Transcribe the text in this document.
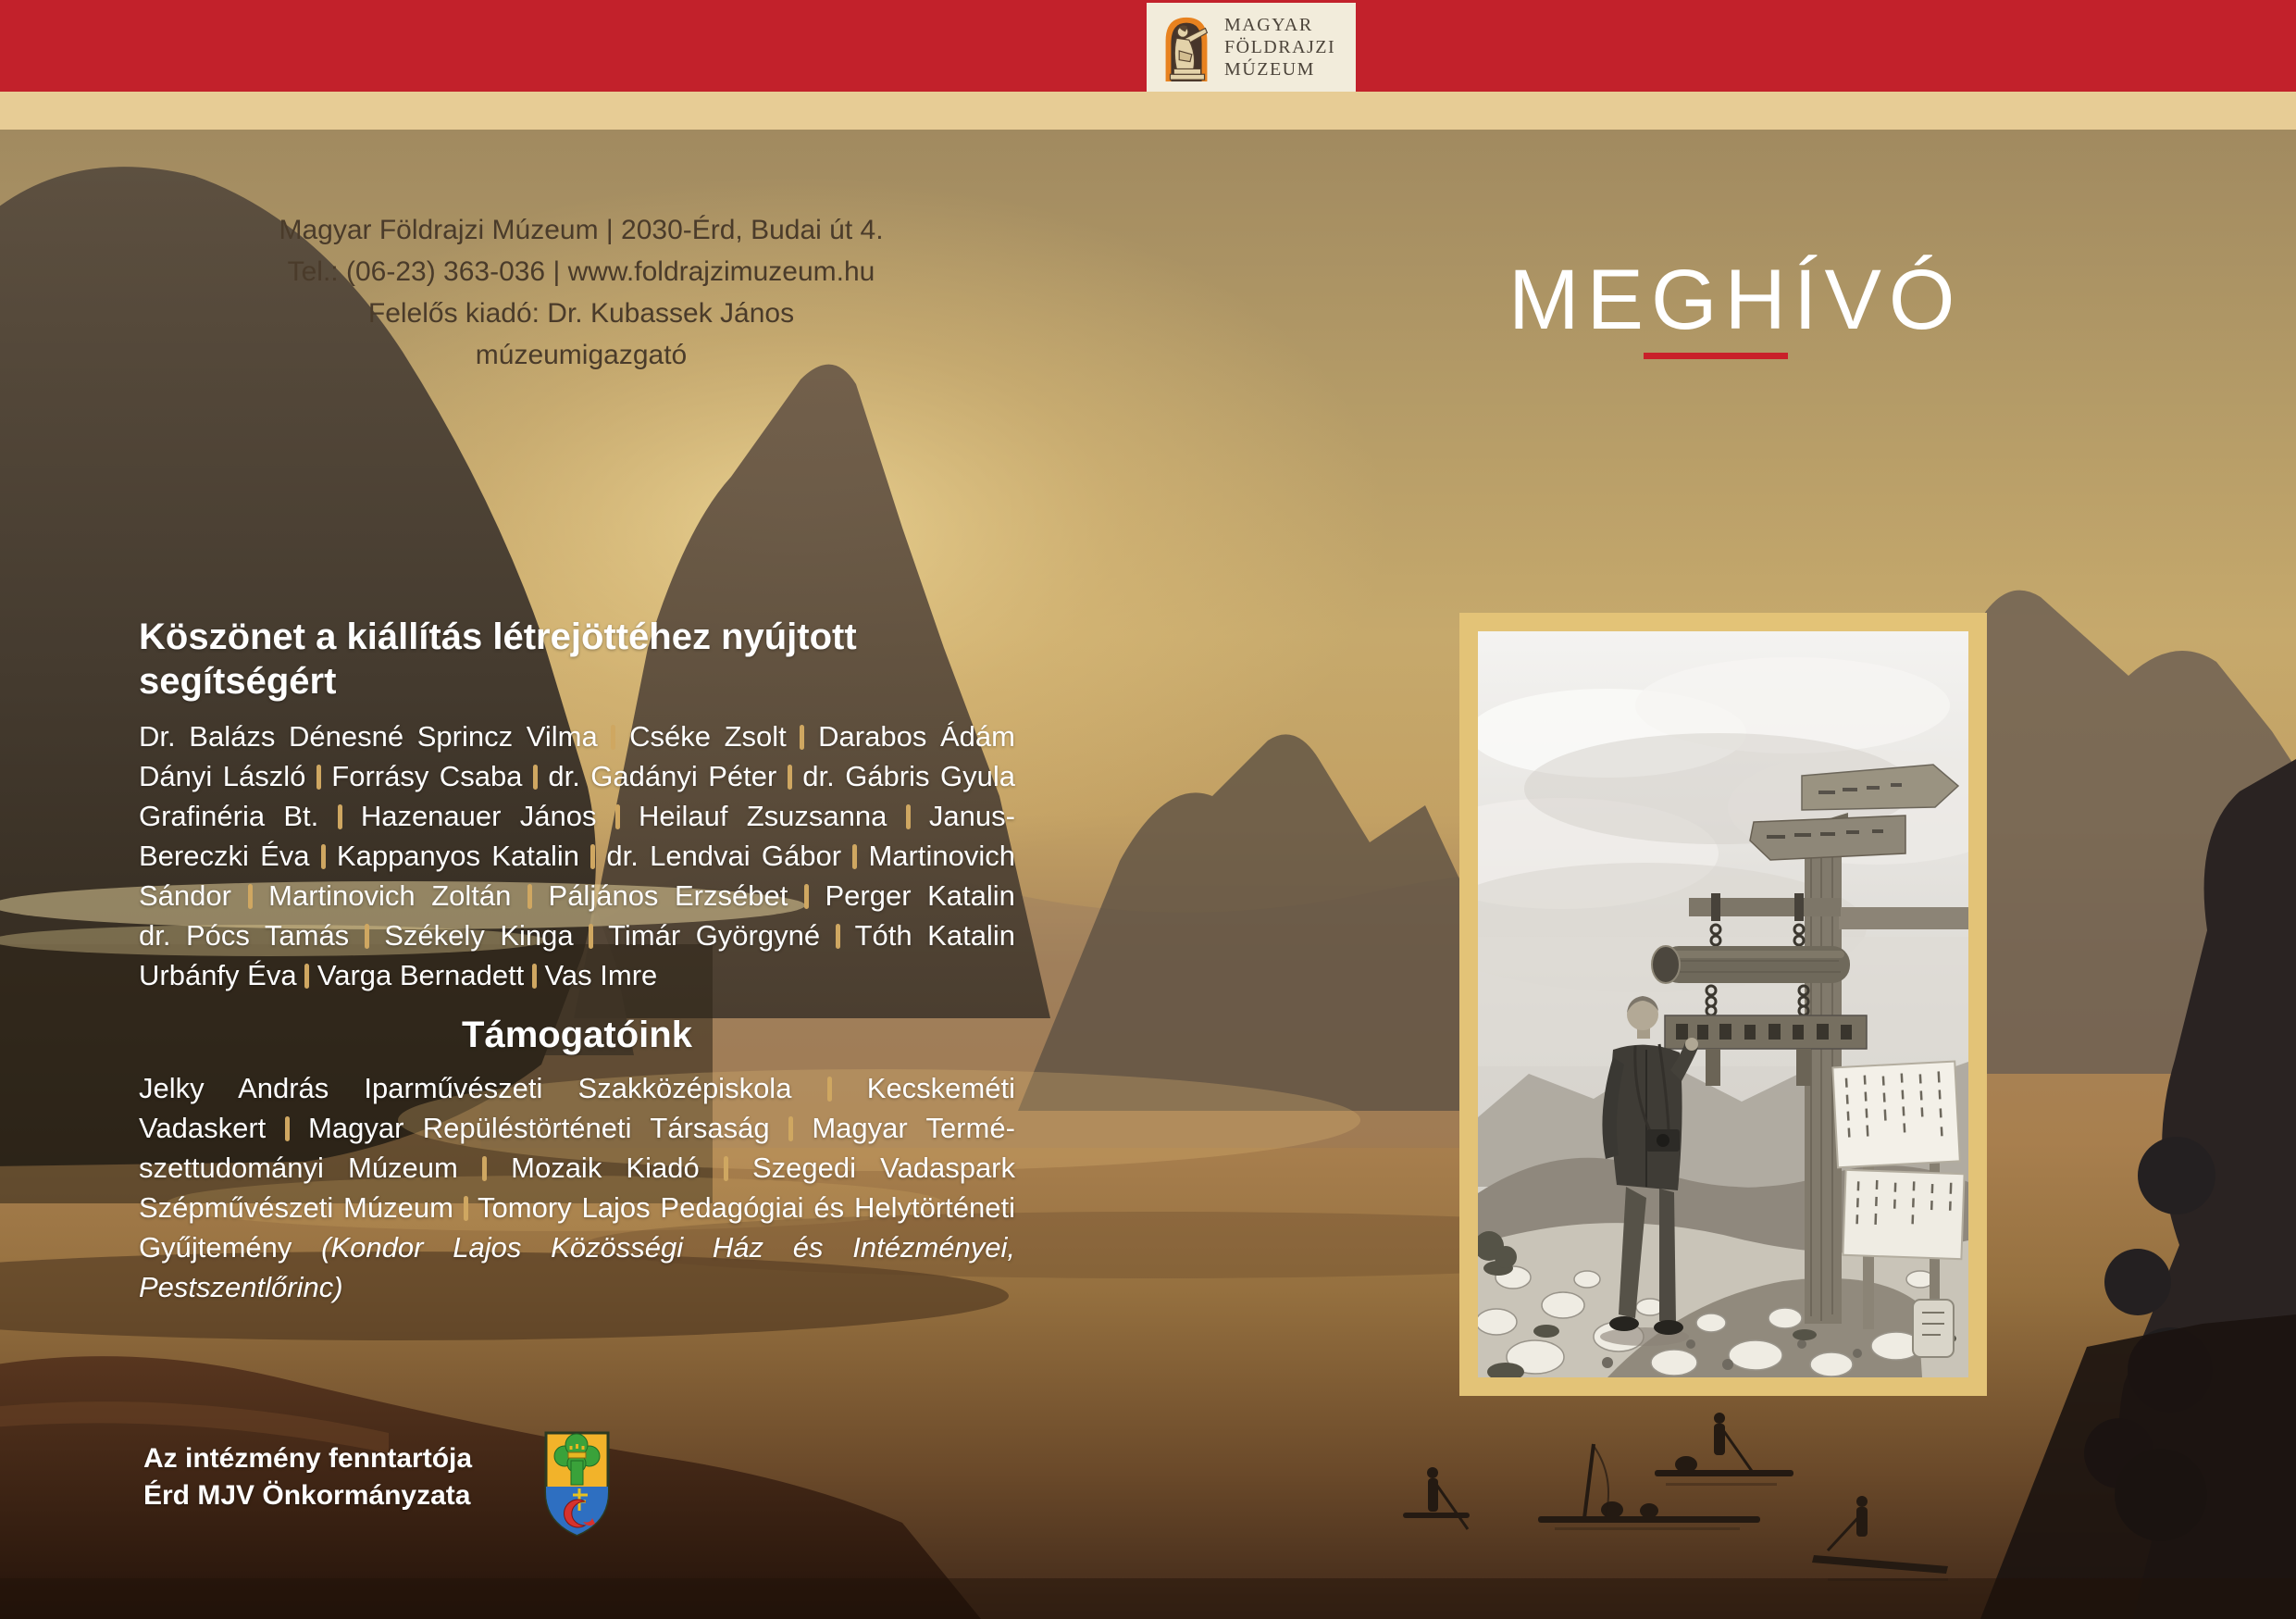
MAGYAR
FÖLDRAJZI
MÚZEUM
Magyar Földrajzi Múzeum | 2030-Érd, Budai út 4.
Tel.: (06-23) 363-036 | www.foldrajzimuzeum.hu
Felelős kiadó: Dr. Kubassek János múzeumigazgató
MEGHÍVÓ
Köszönet a kiállítás létrejöttéhez nyújtott segítségért
Dr. Balázs Dénesné Sprincz Vilma Cséke Zsolt Darabos Ádám
Dányi László Forrásy Csaba dr. Gadányi Péter dr. Gábris Gyula
Grafinéria Bt. Hazenauer János Heilauf Zsuzsanna Janus-
Bereczki Éva Kappanyos Katalin dr. Lendvai Gábor Martinovich
Sándor Martinovich Zoltán Páljános Erzsébet Perger Katalin
dr. Pócs Tamás Székely Kinga Timár Györgyné Tóth Katalin
Urbánfy Éva Varga Bernadett Vas Imre
Támogatóink
Jelky András Iparművészeti Szakközépiskola	Kecskeméti
Vadaskert Magyar Repüléstörténeti Társaság Magyar Termé-
szettudományi Múzeum Mozaik Kiadó Szegedi Vadaspark
Szépművészeti Múzeum Tomory Lajos Pedagógiai és Helytörténeti
Gyűjtemény (Kondor Lajos Közösségi Ház és Intézményei, Pestszentlőrinc)
Az intézmény fenntartója
Érd MJV Önkormányzata
